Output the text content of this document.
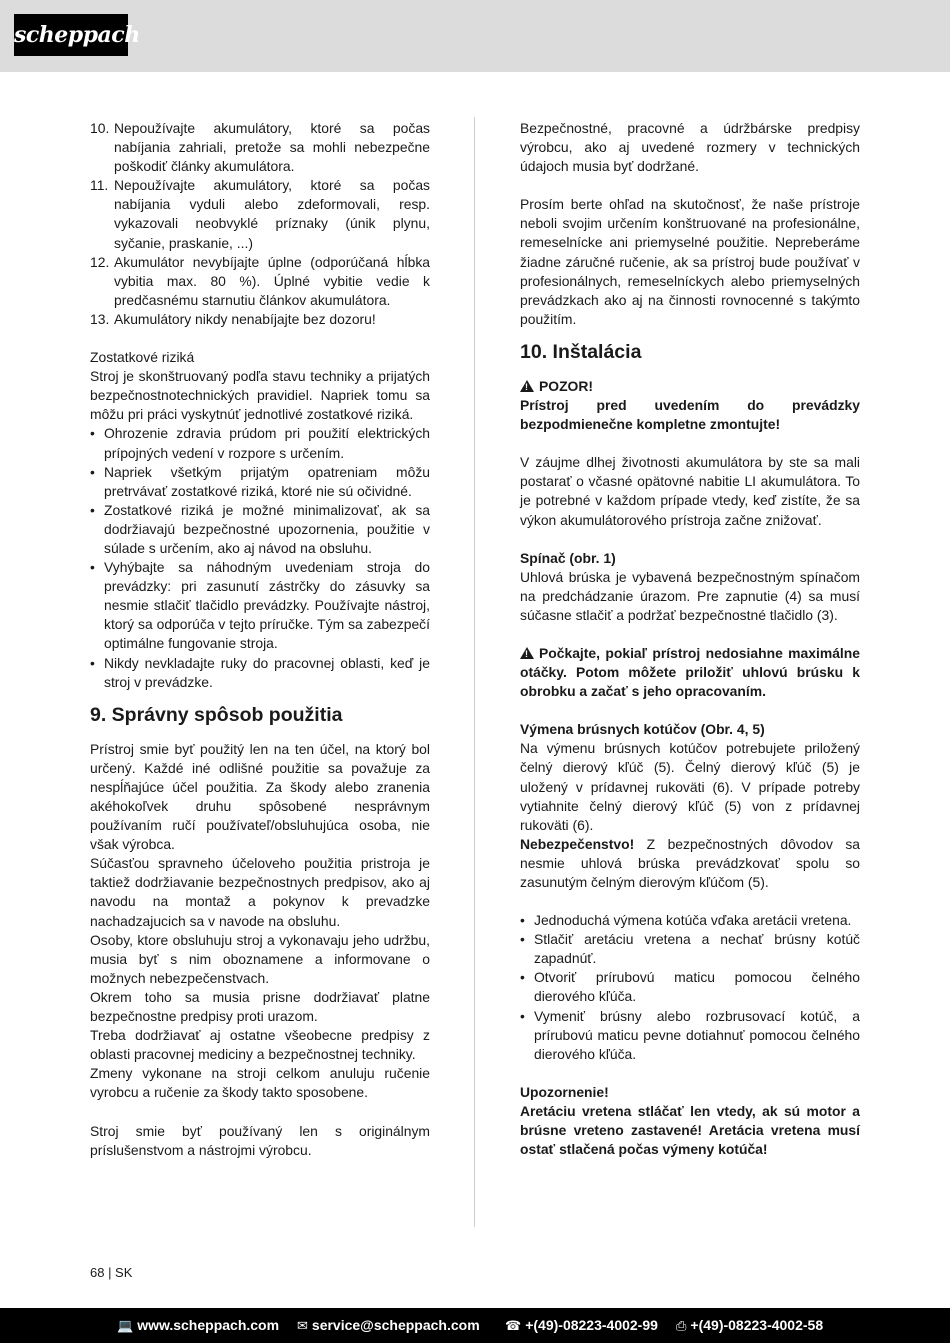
scheppach
10. Nepoužívajte akumulátory, ktoré sa počas nabíjania zahriali, pretože sa mohli nebezpečne poškodiť články akumulátora.
11. Nepoužívajte akumulátory, ktoré sa počas nabíjania vyduli alebo zdeformovali, resp. vykazovali neobvyklé príznaky (únik plynu, syčanie, praskanie, ...)
12. Akumulátor nevybíjajte úplne (odporúčaná hĺbka vybitia max. 80 %). Úplné vybitie vedie k predčasnému starnutiu článkov akumulátora.
13. Akumulátory nikdy nenabíjajte bez dozoru!

Zostatkové riziká

Stroj je skonštruovaný podľa stavu techniky a prijatých bezpečnostnotechnických pravidiel. Napriek tomu sa môžu pri práci vyskytnúť jednotlivé zostatkové riziká.

• Ohrozenie zdravia prúdom pri použití elektrických prípojných vedení v rozpore s určením.
• Napriek všetkým prijatým opatreniam môžu pretrvávať zostatkové riziká, ktoré nie sú očividné.
• Zostatkové riziká je možné minimalizovať, ak sa dodržiavajú bezpečnostné upozornenia, použitie v súlade s určením, ako aj návod na obsluhu.
• Vyhýbajte sa náhodným uvedeniam stroja do prevádzky: pri zasunutí zástrčky do zásuvky sa nesmie stlačiť tlačidlo prevádzky. Používajte nástroj, ktorý sa odporúča v tejto príručke. Tým sa zabezpečí optimálne fungovanie stroja.
• Nikdy nevkladajte ruky do pracovnej oblasti, keď je stroj v prevádzke.
9. Správny spôsob použitia

Prístroj smie byť použitý len na ten účel, na ktorý bol určený. Každé iné odlišné použitie sa považuje za nespĺňajúce účel použitia. Za škody alebo zranenia akéhokoľvek druhu spôsobené nesprávnym používaním ručí používateľ/obsluhujúca osoba, nie však výrobca.

Súčasťou spravneho účeloveho použitia pristroja je taktiež dodržiavanie bezpečnostnych predpisov, ako aj navodu na montaž a pokynov k prevadzke nachadzajucich sa v navode na obsluhu.

Osoby, ktore obsluhuju stroj a vykonavaju jeho udržbu, musia byť s nim oboznamene a informovane o možnych nebezpečenstvach.

Okrem toho sa musia prisne dodržiavať platne bezpečnostne predpisy proti urazom.

Treba dodržiavať aj ostatne všeobecne predpisy z oblasti pracovnej mediciny a bezpečnostnej techniky.

Zmeny vykonane na stroji celkom anuluju ručenie vyrobcu a ručenie za škody takto sposobene.

Stroj smie byť používaný len s originálnym príslušenstvom a nástrojmi výrobcu.

Bezpečnostné, pracovné a údržbárske predpisy výrobcu, ako aj uvedené rozmery v technických údajoch musia byť dodržané.

Prosím berte ohľad na skutočnosť, že naše prístroje neboli svojim určením konštruované na profesionálne, remeselnícke ani priemyselné použitie. Nepreberáme žiadne záručné ručenie, ak sa prístroj bude používať v profesionálnych, remeselníckych alebo priemyselných prevádzkach ako aj na činnosti rovnocenné s takýmto použitím.

10. Inštalácia

!POZOR!

Prístroj pred uvedením do prevádzky bezpodmienečne kompletne zmontujte!

V záujme dlhej životnosti akumulátora by ste sa mali postarať o včasné opätovné nabitie LI akumulátora. To je potrebné v každom prípade vtedy, keď zistíte, že sa výkon akumulátorového prístroja začne znižovať.

Spínač (obr. 1)

Uhlová brúska je vybavená bezpečnostným spínačom na predchádzanie úrazom. Pre zapnutie (4) sa musí súčasne stlačiť a podržať bezpečnostné tlačidlo (3).

!Počkajte, pokiaľ prístroj nedosiahne maximálne otáčky. Potom môžete priložiť uhlovú brúsku k obrobku a začať s jeho opracovaním.

Výmena brúsnych kotúčov (Obr. 4, 5)

Na výmenu brúsnych kotúčov potrebujete priložený čelný dierový kľúč (5). Čelný dierový kľúč (5) je uložený v prídavnej rukoväti (6). V prípade potreby vytiahnite čelný dierový kľúč (5) von z prídavnej rukoväti (6).

Nebezpečenstvo! Z bezpečnostných dôvodov sa nesmie uhlová brúska prevádzkovať spolu so zasunutým čelným dierovým kľúčom (5).

• Jednoduchá výmena kotúča vďaka aretácii vretena.
• Stlačiť aretáciu vretena a nechať brúsny kotúč zapadnúť.
• Otvoriť prírubovú maticu pomocou čelného dierového kľúča.
• Vymeniť brúsny alebo rozbrusovací kotúč, a prírubovú maticu pevne dotiahnuť pomocou čelného dierového kľúča.

Upozornenie!

Aretáciu vretena stláčať len vtedy, ak sú motor a brúsne vreteno zastavené! Aretácia vretena musí ostať stlačená počas výmeny kotúča!

68 | SK
💻 www.scheppach.com ✉ service@scheppach.com ☎ +(49)-08223-4002-99 ⎙ +(49)-08223-4002-58
